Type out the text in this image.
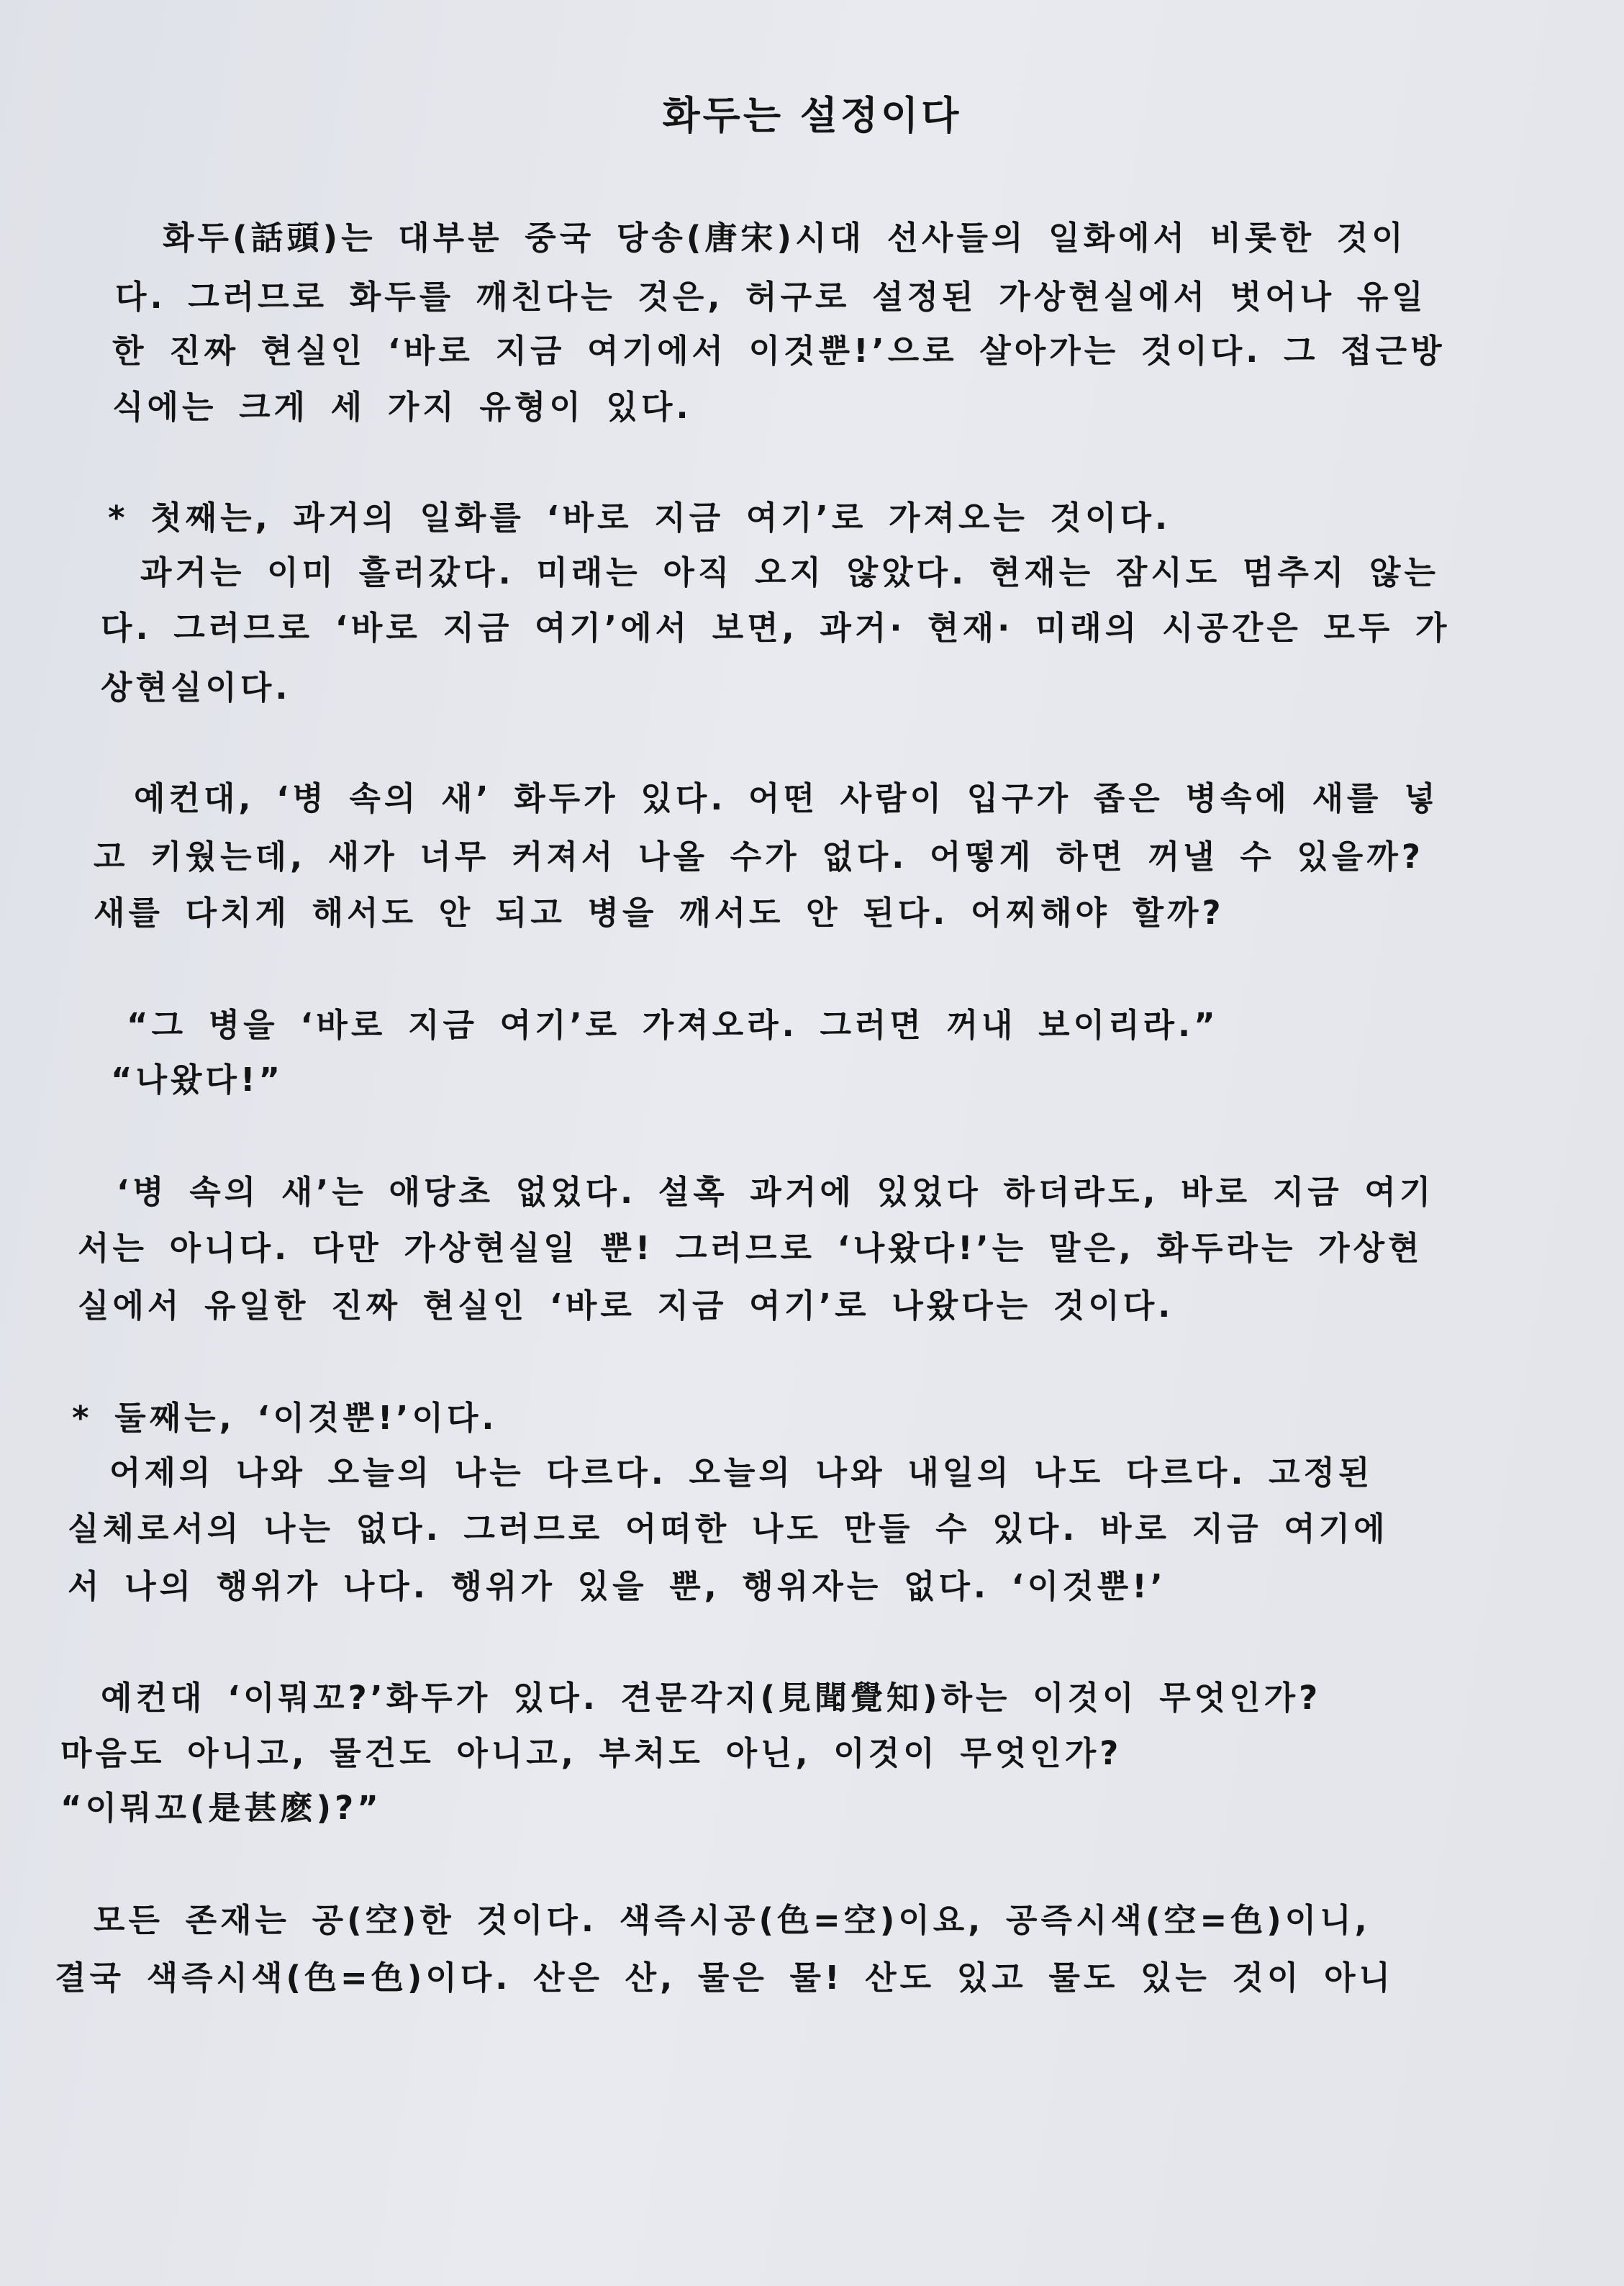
화두는 설정이다

화두(話頭)는 대부분 중국 당송(唐宋)시대 선사들의 일화에서 비롯한 것이

다. 그러므로 화두를 깨친다는 것은, 허구로 설정된 가상현실에서 벗어나 유일

한 진짜 현실인 ‘바로 지금 여기에서 이것뿐!’으로 살아가는 것이다. 그 접근방

식에는 크게 세 가지 유형이 있다.

* 첫째는, 과거의 일화를 ‘바로 지금 여기’로 가져오는 것이다.

과거는 이미 흘러갔다. 미래는 아직 오지 않았다. 현재는 잠시도 멈추지 않는

다. 그러므로 ‘바로 지금 여기’에서 보면, 과거· 현재· 미래의 시공간은 모두 가

상현실이다.

예컨대, ‘병 속의 새’ 화두가 있다. 어떤 사람이 입구가 좁은 병속에 새를 넣

고 키웠는데, 새가 너무 커져서 나올 수가 없다. 어떻게 하면 꺼낼 수 있을까?

새를 다치게 해서도 안 되고 병을 깨서도 안 된다. 어찌해야 할까?

“그 병을 ‘바로 지금 여기’로 가져오라. 그러면 꺼내 보이리라.”

“나왔다!”

‘병 속의 새’는 애당초 없었다. 설혹 과거에 있었다 하더라도, 바로 지금 여기

서는 아니다. 다만 가상현실일 뿐! 그러므로 ‘나왔다!’는 말은, 화두라는 가상현

실에서 유일한 진짜 현실인 ‘바로 지금 여기’로 나왔다는 것이다.

* 둘째는, ‘이것뿐!’이다.

어제의 나와 오늘의 나는 다르다. 오늘의 나와 내일의 나도 다르다. 고정된

실체로서의 나는 없다. 그러므로 어떠한 나도 만들 수 있다. 바로 지금 여기에

서 나의 행위가 나다. 행위가 있을 뿐, 행위자는 없다. ‘이것뿐!’

예컨대 ‘이뭐꼬?’화두가 있다. 견문각지(見聞覺知)하는 이것이 무엇인가?

마음도 아니고, 물건도 아니고, 부처도 아닌, 이것이 무엇인가?

“이뭐꼬(是甚麽)?”

모든 존재는 공(空)한 것이다. 색즉시공(色=空)이요, 공즉시색(空=色)이니,

결국 색즉시색(色=色)이다. 산은 산, 물은 물! 산도 있고 물도 있는 것이 아니
